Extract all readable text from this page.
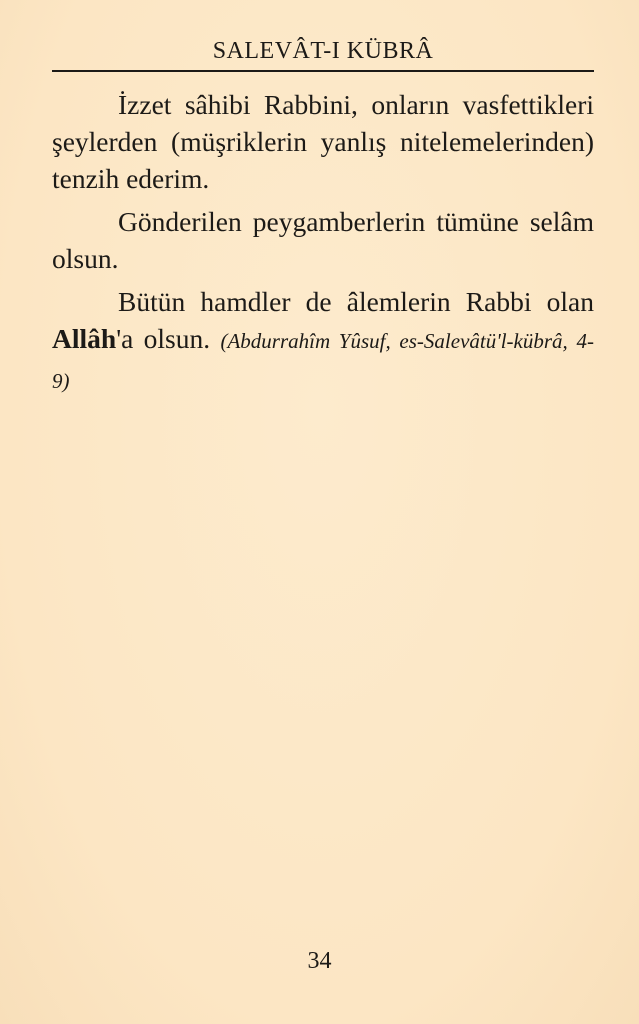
SALEVÂT-I KÜBRÂ

İzzet sâhibi Rabbini, onların vasfettikleri şeylerden (müşriklerin yanlış nitelemelerinden) tenzih ederim.

Gönderilen peygamberlerin tümüne selâm olsun.

Bütün hamdler de âlemlerin Rabbi olan Allâh'a olsun. (Abdurrahîm Yûsuf, es-Salevâtü'l-kübrâ, 4-9)

34
